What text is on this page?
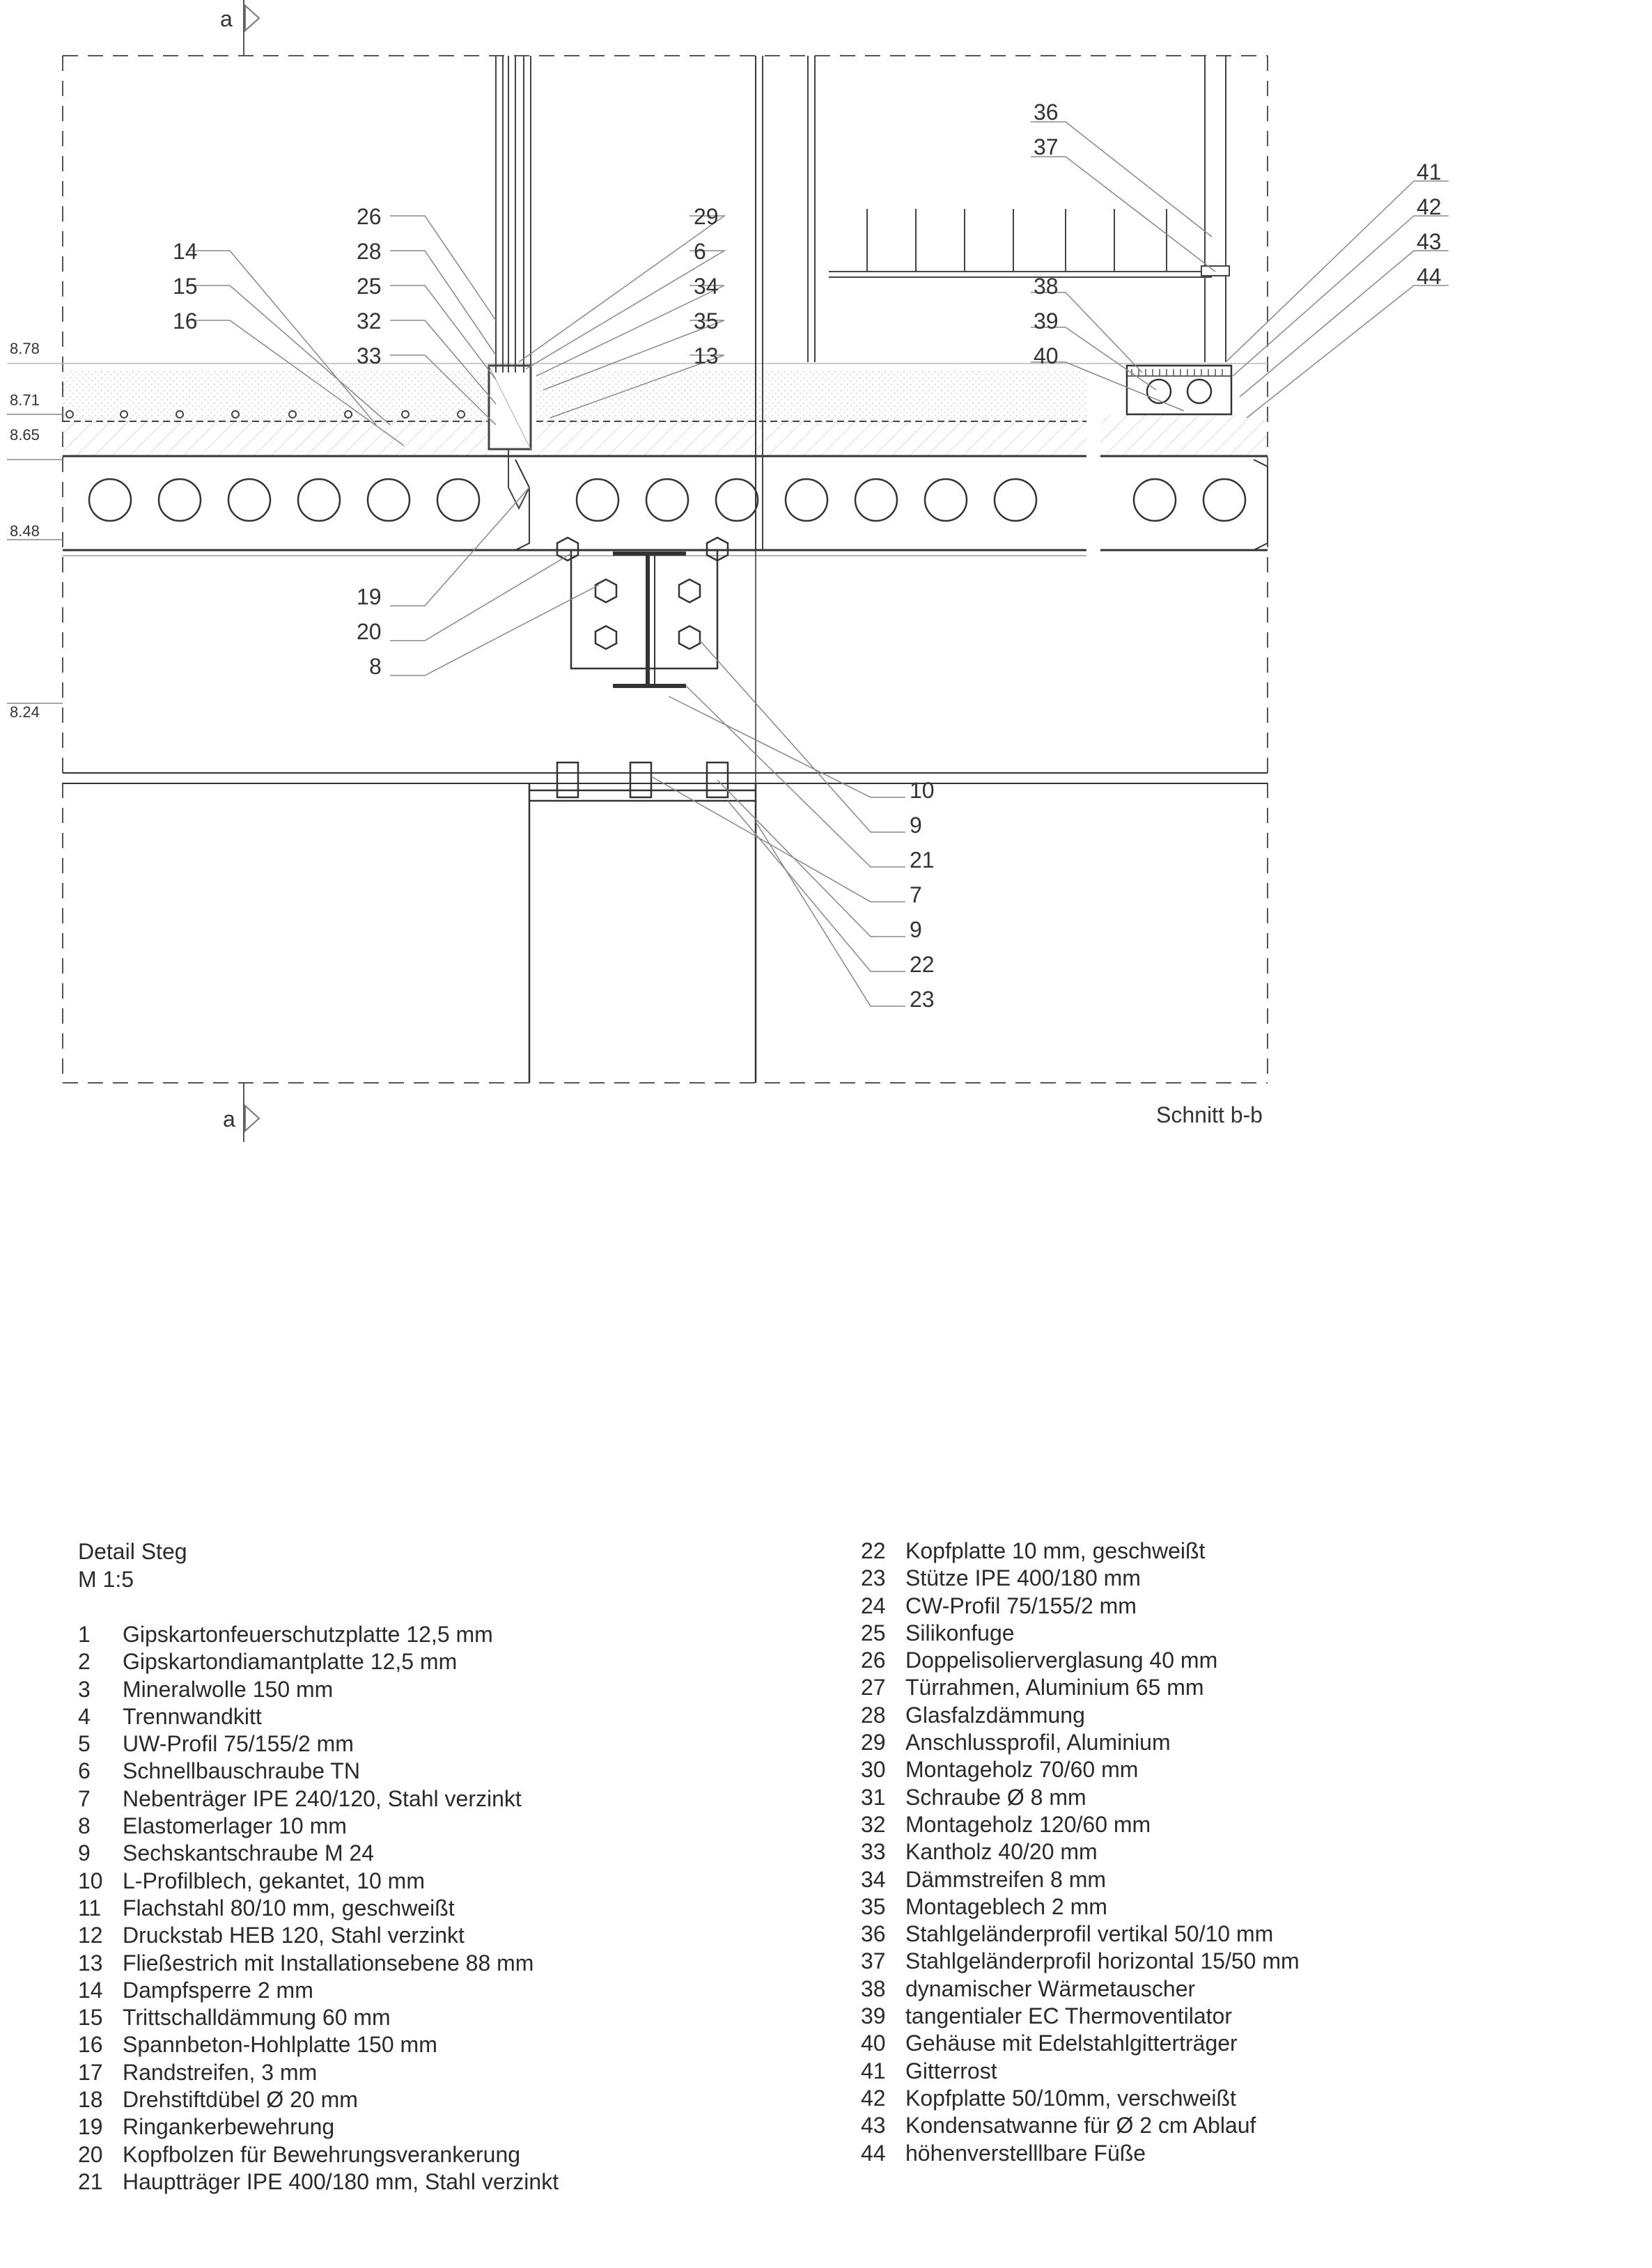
a
a	Schnitt b-b
8.78
8.71
8.65
8.48
8.24
14
15
16
26
28
25
32
33
29
6
34
35
13
36
37
38
39
40
41
42
43
44
19
20
8
10
9
21
7
9
22
23
Detail Steg

M 1:5

1	Gipskartonfeuerschutzplatte 12,5 mm
2	Gipskartondiamantplatte 12,5 mm
3	Mineralwolle 150 mm
4	Trennwandkitt
5	UW-Profil 75/155/2 mm
6	Schnellbauschraube TN
7	Nebenträger IPE 240/120, Stahl verzinkt
8	Elastomerlager 10 mm
9	Sechskantschraube M 24
10 L-Profilblech, gekantet, 10 mm
11 Flachstahl 80/10 mm, geschweißt
12 Druckstab HEB 120, Stahl verzinkt
13 Fließestrich mit Installationsebene 88 mm
14 Dampfsperre 2 mm
15 Trittschalldämmung 60 mm
16 Spannbeton-Hohlplatte 150 mm
17 Randstreifen, 3 mm
18 Drehstiftdübel Ø 20 mm
19 Ringankerbewehrung
20 Kopfbolzen für Bewehrungsverankerung
21 Hauptträger IPE 400/180 mm, Stahl verzinkt
22 Kopfplatte 10 mm, geschweißt
23 Stütze IPE 400/180 mm
24 CW-Profil 75/155/2 mm
25 Silikonfuge
26 Doppelisolierverglasung 40 mm
27 Türrahmen, Aluminium 65 mm
28 Glasfalzdämmung
29 Anschlussprofil, Aluminium
30 Montageholz 70/60 mm
31 Schraube Ø 8 mm
32 Montageholz 120/60 mm
33 Kantholz 40/20 mm
34 Dämmstreifen 8 mm
35 Montageblech 2 mm
36 Stahlgeländerprofil vertikal 50/10 mm
37 Stahlgeländerprofil horizontal 15/50 mm
38 dynamischer Wärmetauscher
39 tangentialer EC Thermoventilator
40 Gehäuse mit Edelstahlgitterträger
41 Gitterrost
42 Kopfplatte 50/10mm, verschweißt
43 Kondensatwanne für Ø 2 cm Ablauf
44 höhenverstelllbare Füße
